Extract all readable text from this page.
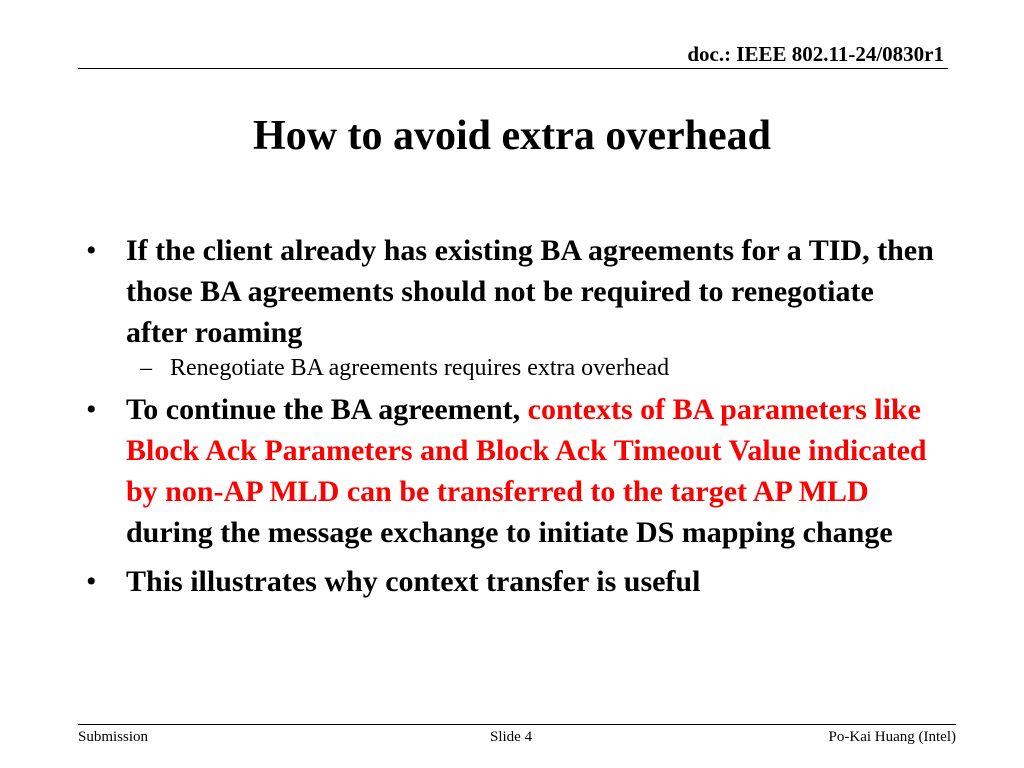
doc.: IEEE 802.11-24/0830r1
How to avoid extra overhead
• If the client already has existing BA agreements for a TID, then those BA agreements should not be required to renegotiate after roaming
– Renegotiate BA agreements requires extra overhead
• To continue the BA agreement, contexts of BA parameters like Block Ack Parameters and Block Ack Timeout Value indicated by non-AP MLD can be transferred to the target AP MLD during the message exchange to initiate DS mapping change
• This illustrates why context transfer is useful
Submission	Slide 4	Po-Kai Huang (Intel)
